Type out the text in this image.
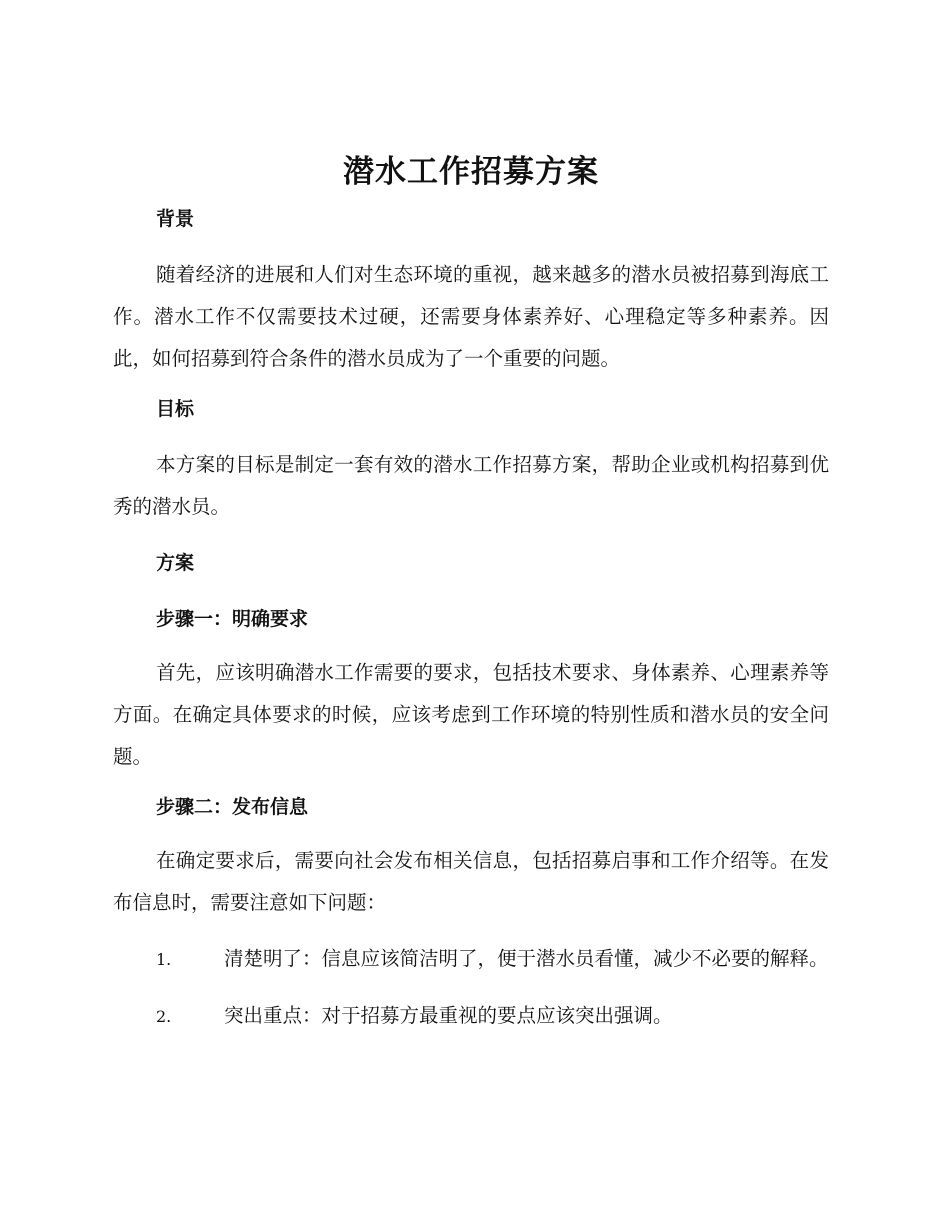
潜水工作招募方案

背景

随着经济的进展和人们对生态环境的重视，越来越多的潜水员被招募到海底工作。潜水工作不仅需要技术过硬，还需要身体素养好、心理稳定等多种素养。因此，如何招募到符合条件的潜水员成为了一个重要的问题。

目标

本方案的目标是制定一套有效的潜水工作招募方案，帮助企业或机构招募到优秀的潜水员。

方案

步骤一：明确要求

首先，应该明确潜水工作需要的要求，包括技术要求、身体素养、心理素养等方面。在确定具体要求的时候，应该考虑到工作环境的特别性质和潜水员的安全问题。

步骤二：发布信息

在确定要求后，需要向社会发布相关信息，包括招募启事和工作介绍等。在发布信息时，需要注意如下问题：

1.	清楚明了：信息应该简洁明了，便于潜水员看懂，减少不必要的解释。

2.	突出重点：对于招募方最重视的要点应该突出强调。
